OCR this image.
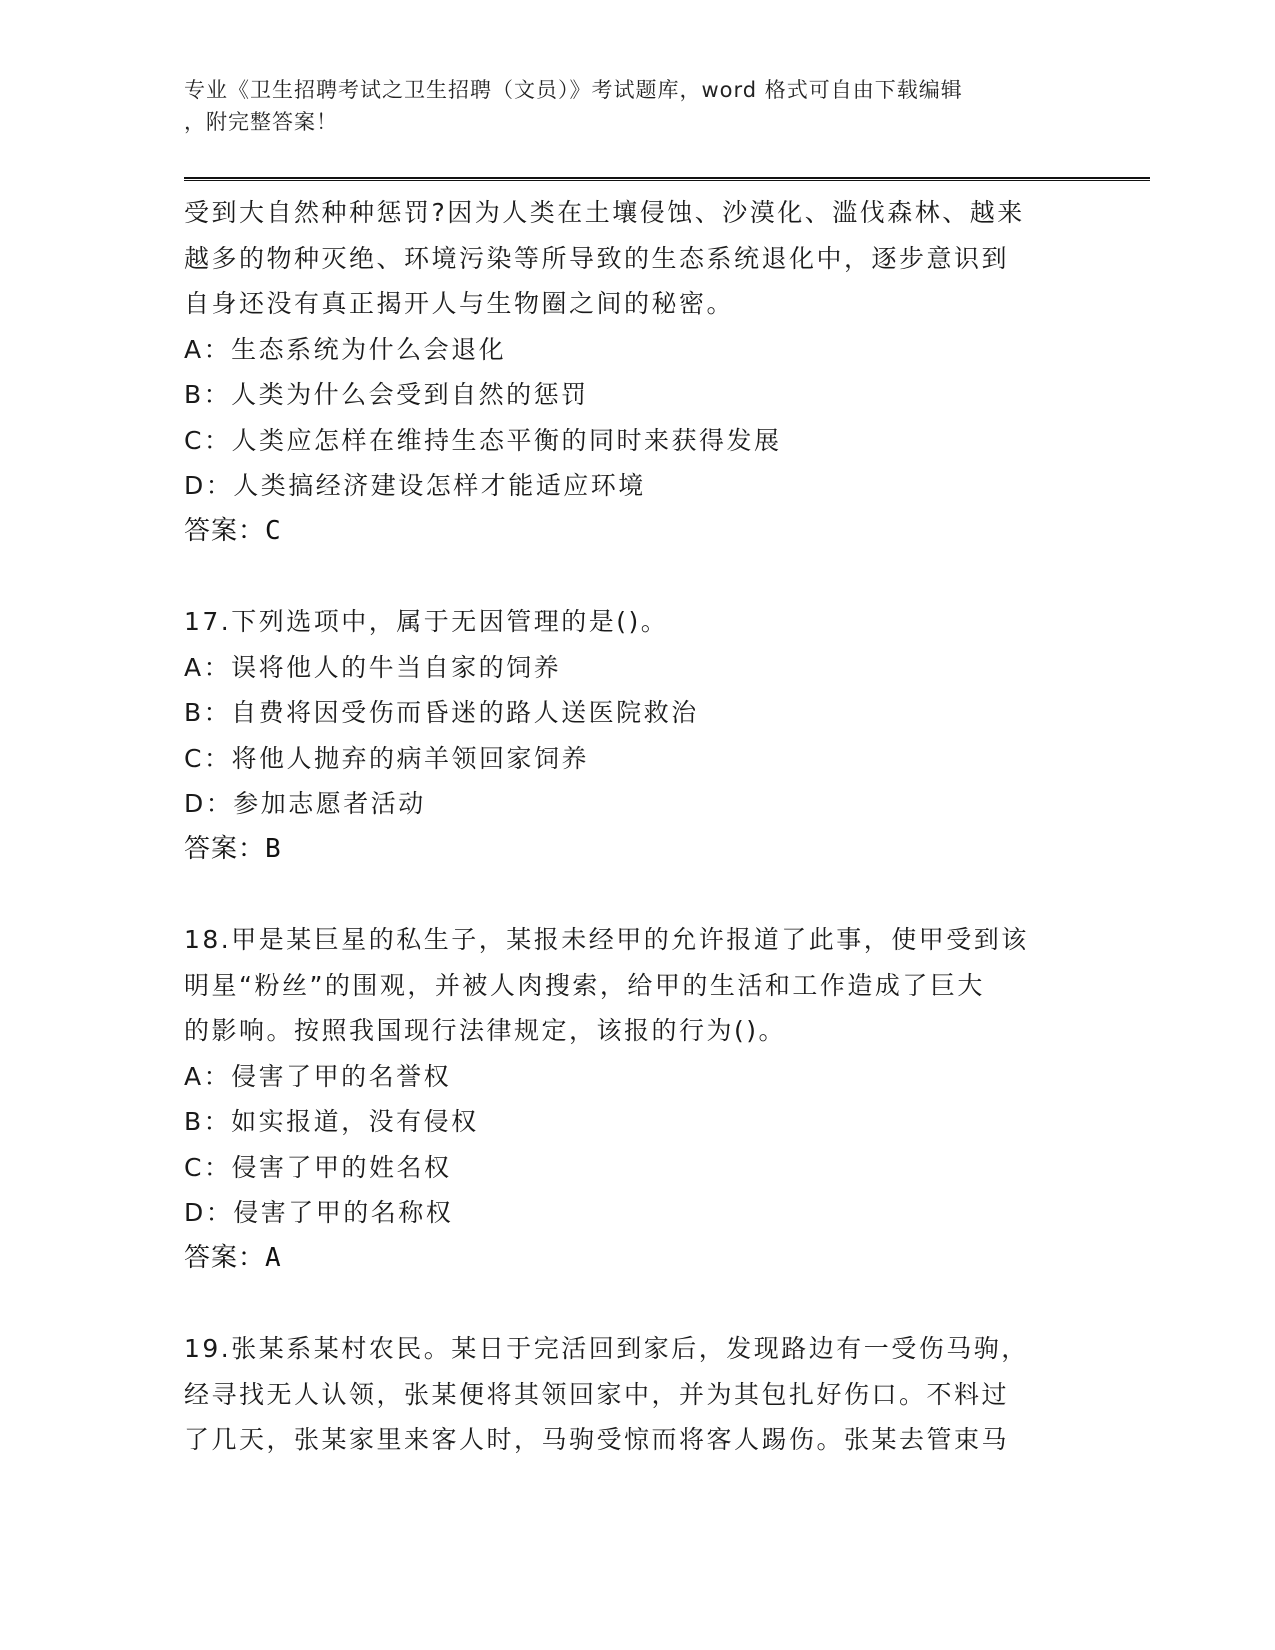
专业《卫生招聘考试之卫生招聘（文员）》考试题库，word 格式可自由下载编辑
，附完整答案！
受到大自然种种惩罚?因为人类在土壤侵蚀、沙漠化、滥伐森林、越来
越多的物种灭绝、环境污染等所导致的生态系统退化中，逐步意识到
自身还没有真正揭开人与生物圈之间的秘密。
A：生态系统为什么会退化
B：人类为什么会受到自然的惩罚
C：人类应怎样在维持生态平衡的同时来获得发展
D：人类搞经济建设怎样才能适应环境
答案：C
17.下列选项中，属于无因管理的是()。
A：误将他人的牛当自家的饲养
B：自费将因受伤而昏迷的路人送医院救治
C：将他人抛弃的病羊领回家饲养
D：参加志愿者活动
答案：B
18.甲是某巨星的私生子，某报未经甲的允许报道了此事，使甲受到该
明星“粉丝”的围观，并被人肉搜索，给甲的生活和工作造成了巨大
的影响。按照我国现行法律规定，该报的行为()。
A：侵害了甲的名誉权
B：如实报道，没有侵权
C：侵害了甲的姓名权
D：侵害了甲的名称权
答案：A
19.张某系某村农民。某日于完活回到家后，发现路边有一受伤马驹，
经寻找无人认领，张某便将其领回家中，并为其包扎好伤口。不料过
了几天，张某家里来客人时，马驹受惊而将客人踢伤。张某去管束马
